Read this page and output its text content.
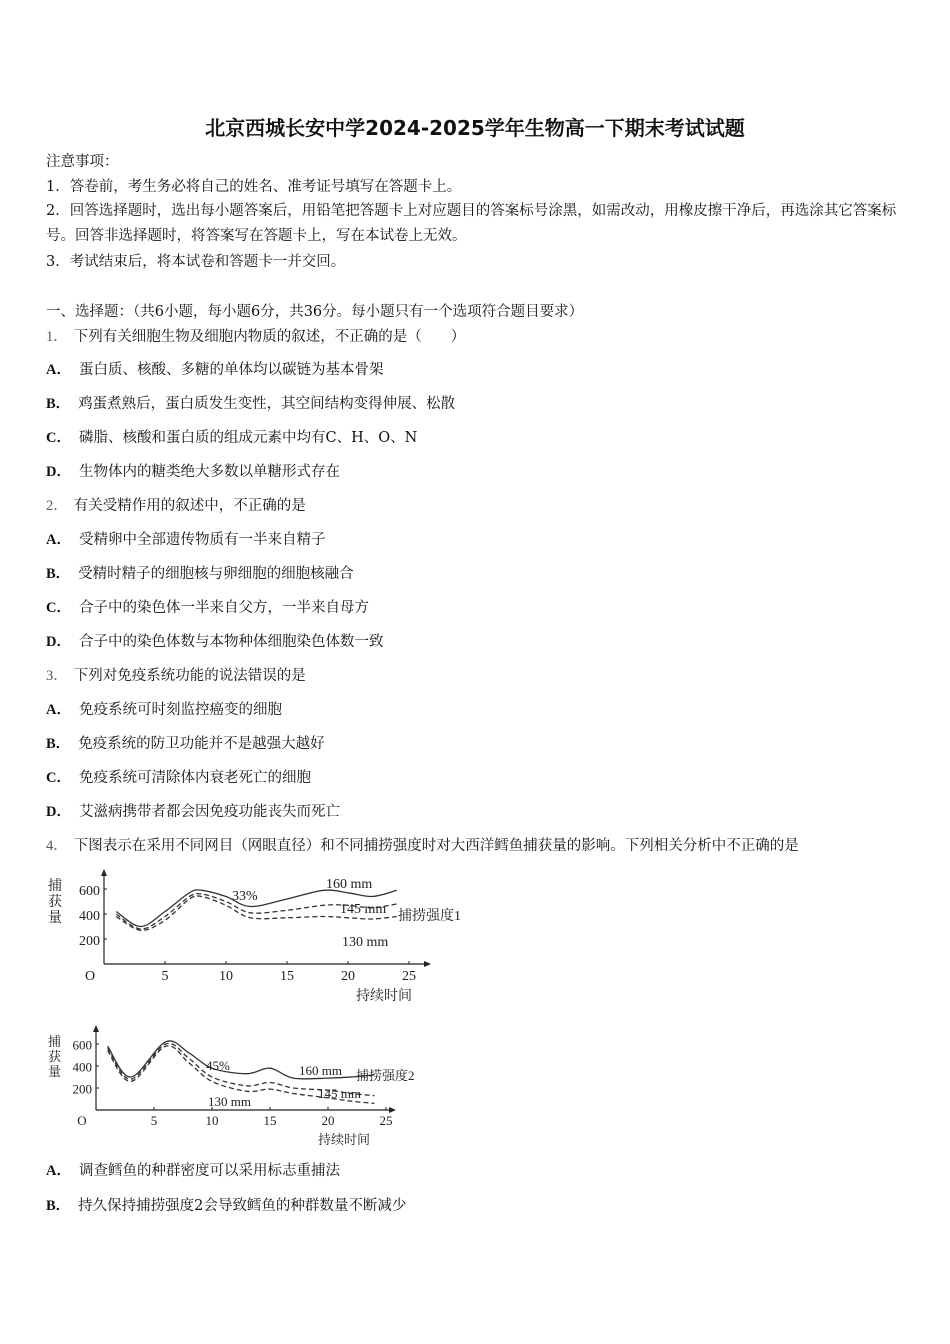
北京西城长安中学2024-2025学年生物高一下期末考试试题
注意事项：
1．答卷前，考生务必将自己的姓名、准考证号填写在答题卡上。
2．回答选择题时，选出每小题答案后，用铅笔把答题卡上对应题目的答案标号涂黑，如需改动，用橡皮擦干净后，再选涂其它答案标号。回答非选择题时，将答案写在答题卡上，写在本试卷上无效。
3．考试结束后，将本试卷和答题卡一并交回。
一、选择题：（共6小题，每小题6分，共36分。每小题只有一个选项符合题目要求）
1． 下列有关细胞生物及细胞内物质的叙述，不正确的是（　　）
A． 蛋白质、核酸、多糖的单体均以碳链为基本骨架
B． 鸡蛋煮熟后，蛋白质发生变性，其空间结构变得伸展、松散
C． 磷脂、核酸和蛋白质的组成元素中均有C、H、O、N
D． 生物体内的糖类绝大多数以单糖形式存在
2． 有关受精作用的叙述中，不正确的是
A． 受精卵中全部遗传物质有一半来自精子
B． 受精时精子的细胞核与卵细胞的细胞核融合
C． 合子中的染色体一半来自父方，一半来自母方
D． 合子中的染色体数与本物种体细胞染色体数一致
3． 下列对免疫系统功能的说法错误的是
A． 免疫系统可时刻监控癌变的细胞
B． 免疫系统的防卫功能并不是越强大越好
C． 免疫系统可清除体内衰老死亡的细胞
D． 艾滋病携带者都会因免疫功能丧失而死亡
4． 下图表示在采用不同网目（网眼直径）和不同捕捞强度时对大西洋鳕鱼捕获量的影响。下列相关分析中不正确的是
5	10	15	20	25
200
400
600
O
捕
获
量
持续时间
160 mm
145 mm
130 mm
33%
捕捞强度1
5	10	15	20	25
200
400
600
O
捕
获
量
持续时间
160 mm
145 mm
130 mm
45%
捕捞强度2
A． 调查鳕鱼的种群密度可以采用标志重捕法
B． 持久保持捕捞强度2会导致鳕鱼的种群数量不断减少
